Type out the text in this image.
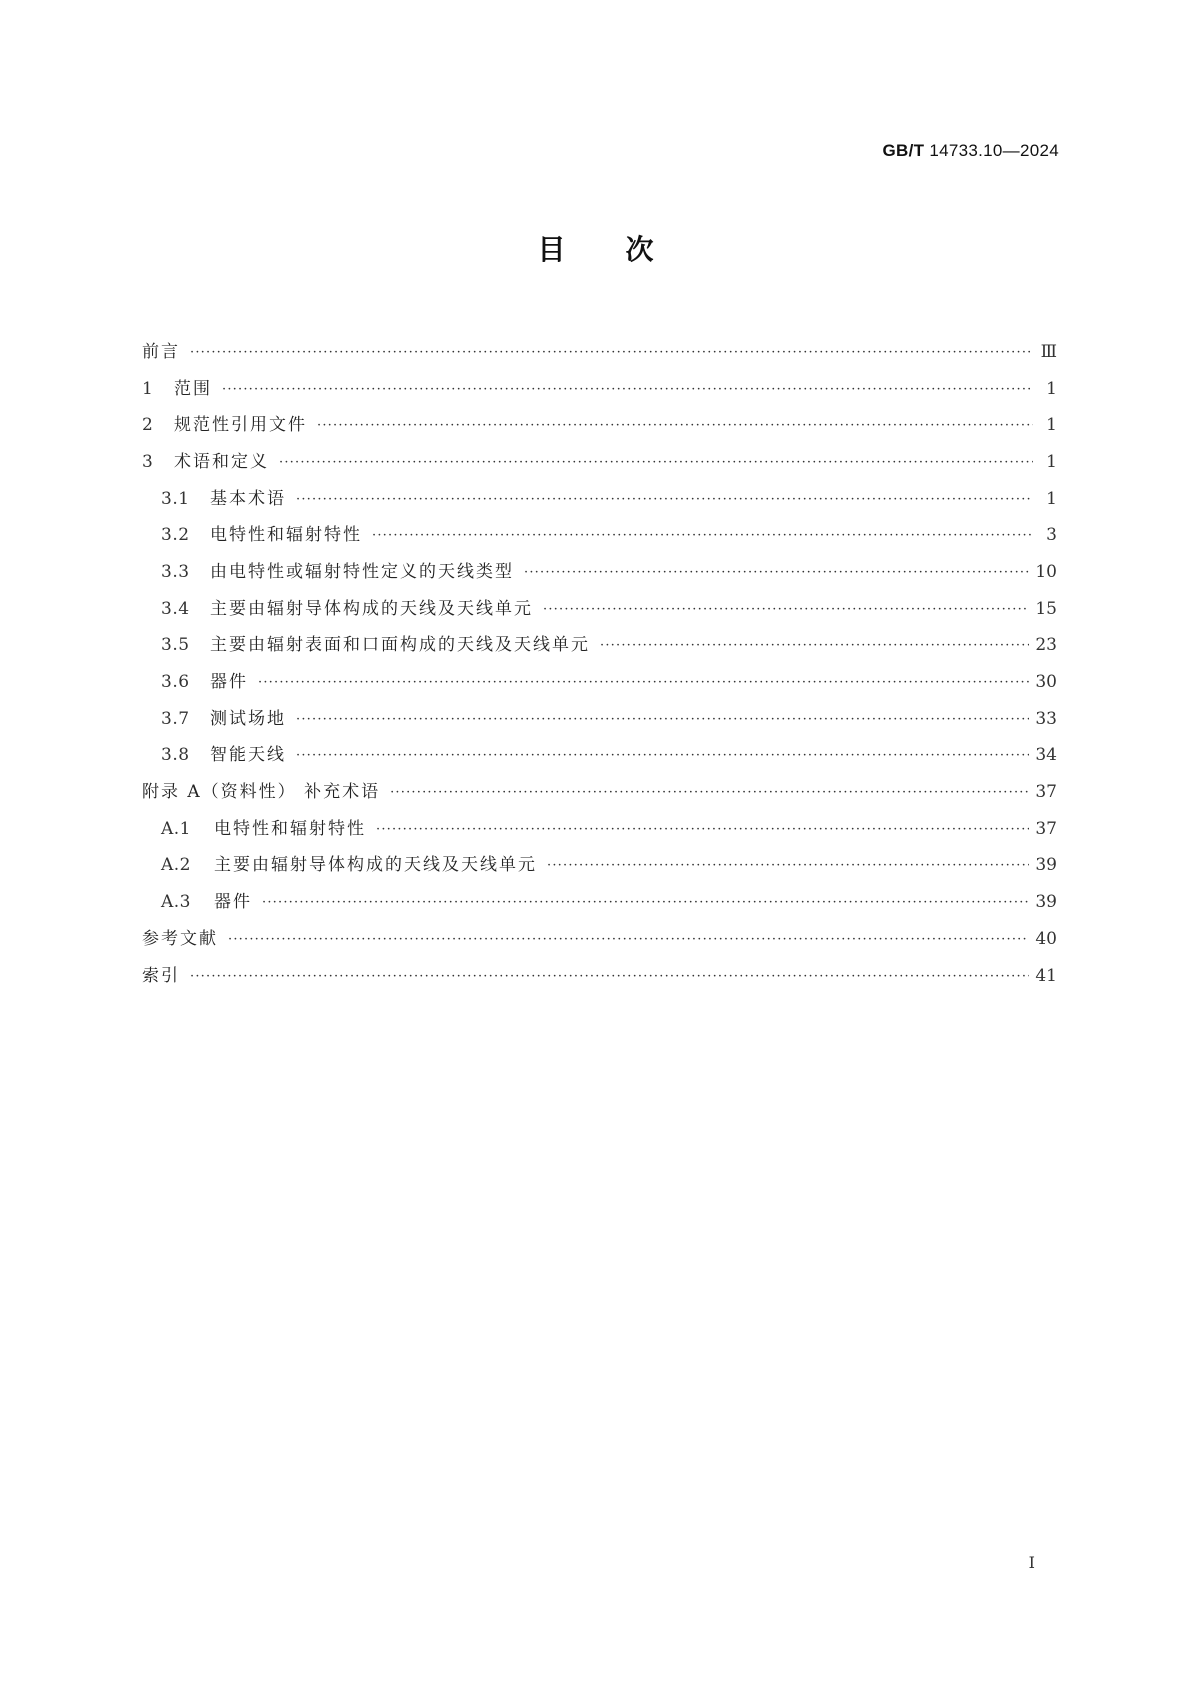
GB/T 14733.10—2024
目 次
前言 ·····	Ⅲ
1	范围 ·····	1
2	规范性引用文件 ·····	1
3	术语和定义 ·····	1
3.1	基本术语 ·····	1
3.2	电特性和辐射特性 ·····	3
3.3	由电特性或辐射特性定义的天线类型 ·····	10
3.4	主要由辐射导体构成的天线及天线单元 ·····	15
3.5	主要由辐射表面和口面构成的天线及天线单元 ·····	23
3.6	器件 ·····	30
3.7	测试场地 ·····	33
3.8	智能天线 ·····	34
附录 A（资料性） 补充术语 ·····	37
A.1	电特性和辐射特性 ·····	37
A.2	主要由辐射导体构成的天线及天线单元 ·····	39
A.3	器件 ·····	39
参考文献 ·····	40
索引 ·····	41
Ⅰ
